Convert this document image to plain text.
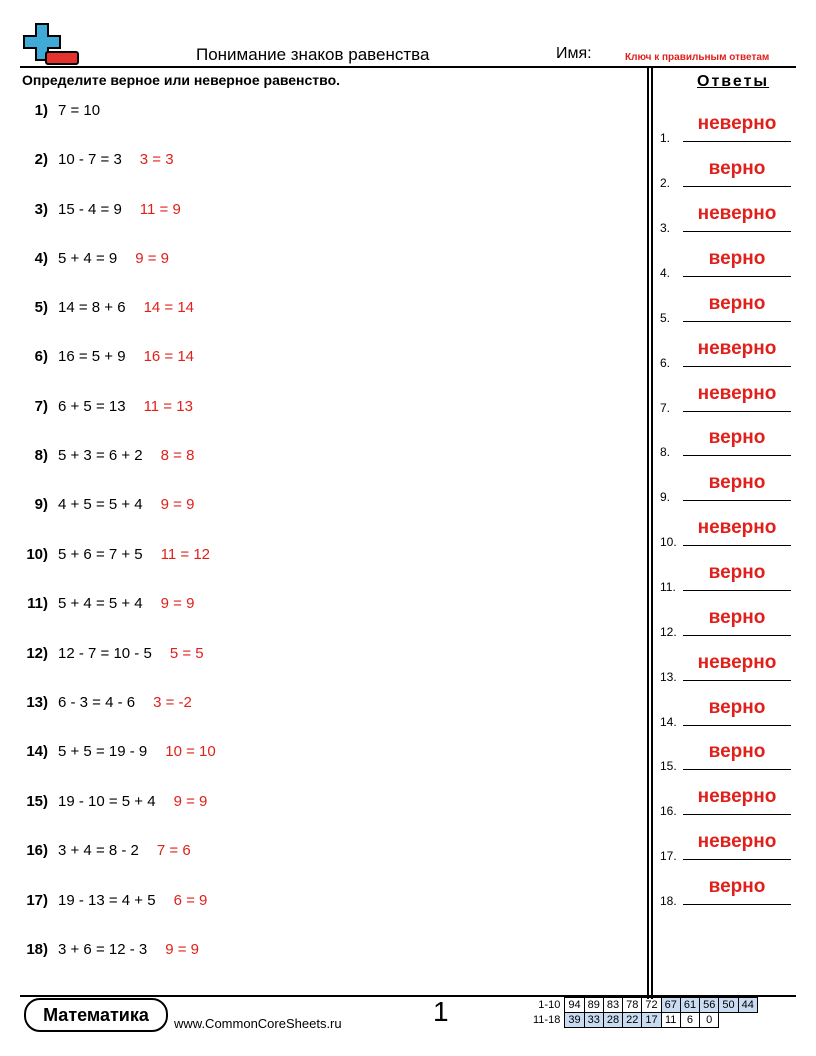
Понимание знаков равенства	Имя:	Ключ к правильным ответам
Определите верное или неверное равенство.
1) 7 = 10
2) 10 - 7 = 3 3 = 3
3) 15 - 4 = 9 11 = 9
4) 5 + 4 = 9 9 = 9
5) 14 = 8 + 6 14 = 14
6) 16 = 5 + 9 16 = 14
7) 6 + 5 = 13 11 = 13
8) 5 + 3 = 6 + 2 8 = 8
9) 4 + 5 = 5 + 4 9 = 9
10) 5 + 6 = 7 + 5 11 = 12
11) 5 + 4 = 5 + 4 9 = 9
12) 12 - 7 = 10 - 5 5 = 5
13) 6 - 3 = 4 - 6 3 = -2
14) 5 + 5 = 19 - 9 10 = 10
15) 19 - 10 = 5 + 4 9 = 9
16) 3 + 4 = 8 - 2 7 = 6
17) 19 - 13 = 4 + 5 6 = 9
18) 3 + 6 = 12 - 3 9 = 9
Ответы
1.
неверно
2.
верно
3.
неверно
4.
верно
5.
верно
6.
неверно
7.
неверно
8.
верно
9.
верно
10.
неверно
11.
верно
12.
верно
13.
неверно
14.
верно
15.
верно
16.
неверно
17.
неверно
18.
верно
Математика	www.CommonCoreSheets.ru	1	1-10	94	89	83	78	72	67	61	56	50	44
11-18	39	33	28	22	17	11	6	0		
